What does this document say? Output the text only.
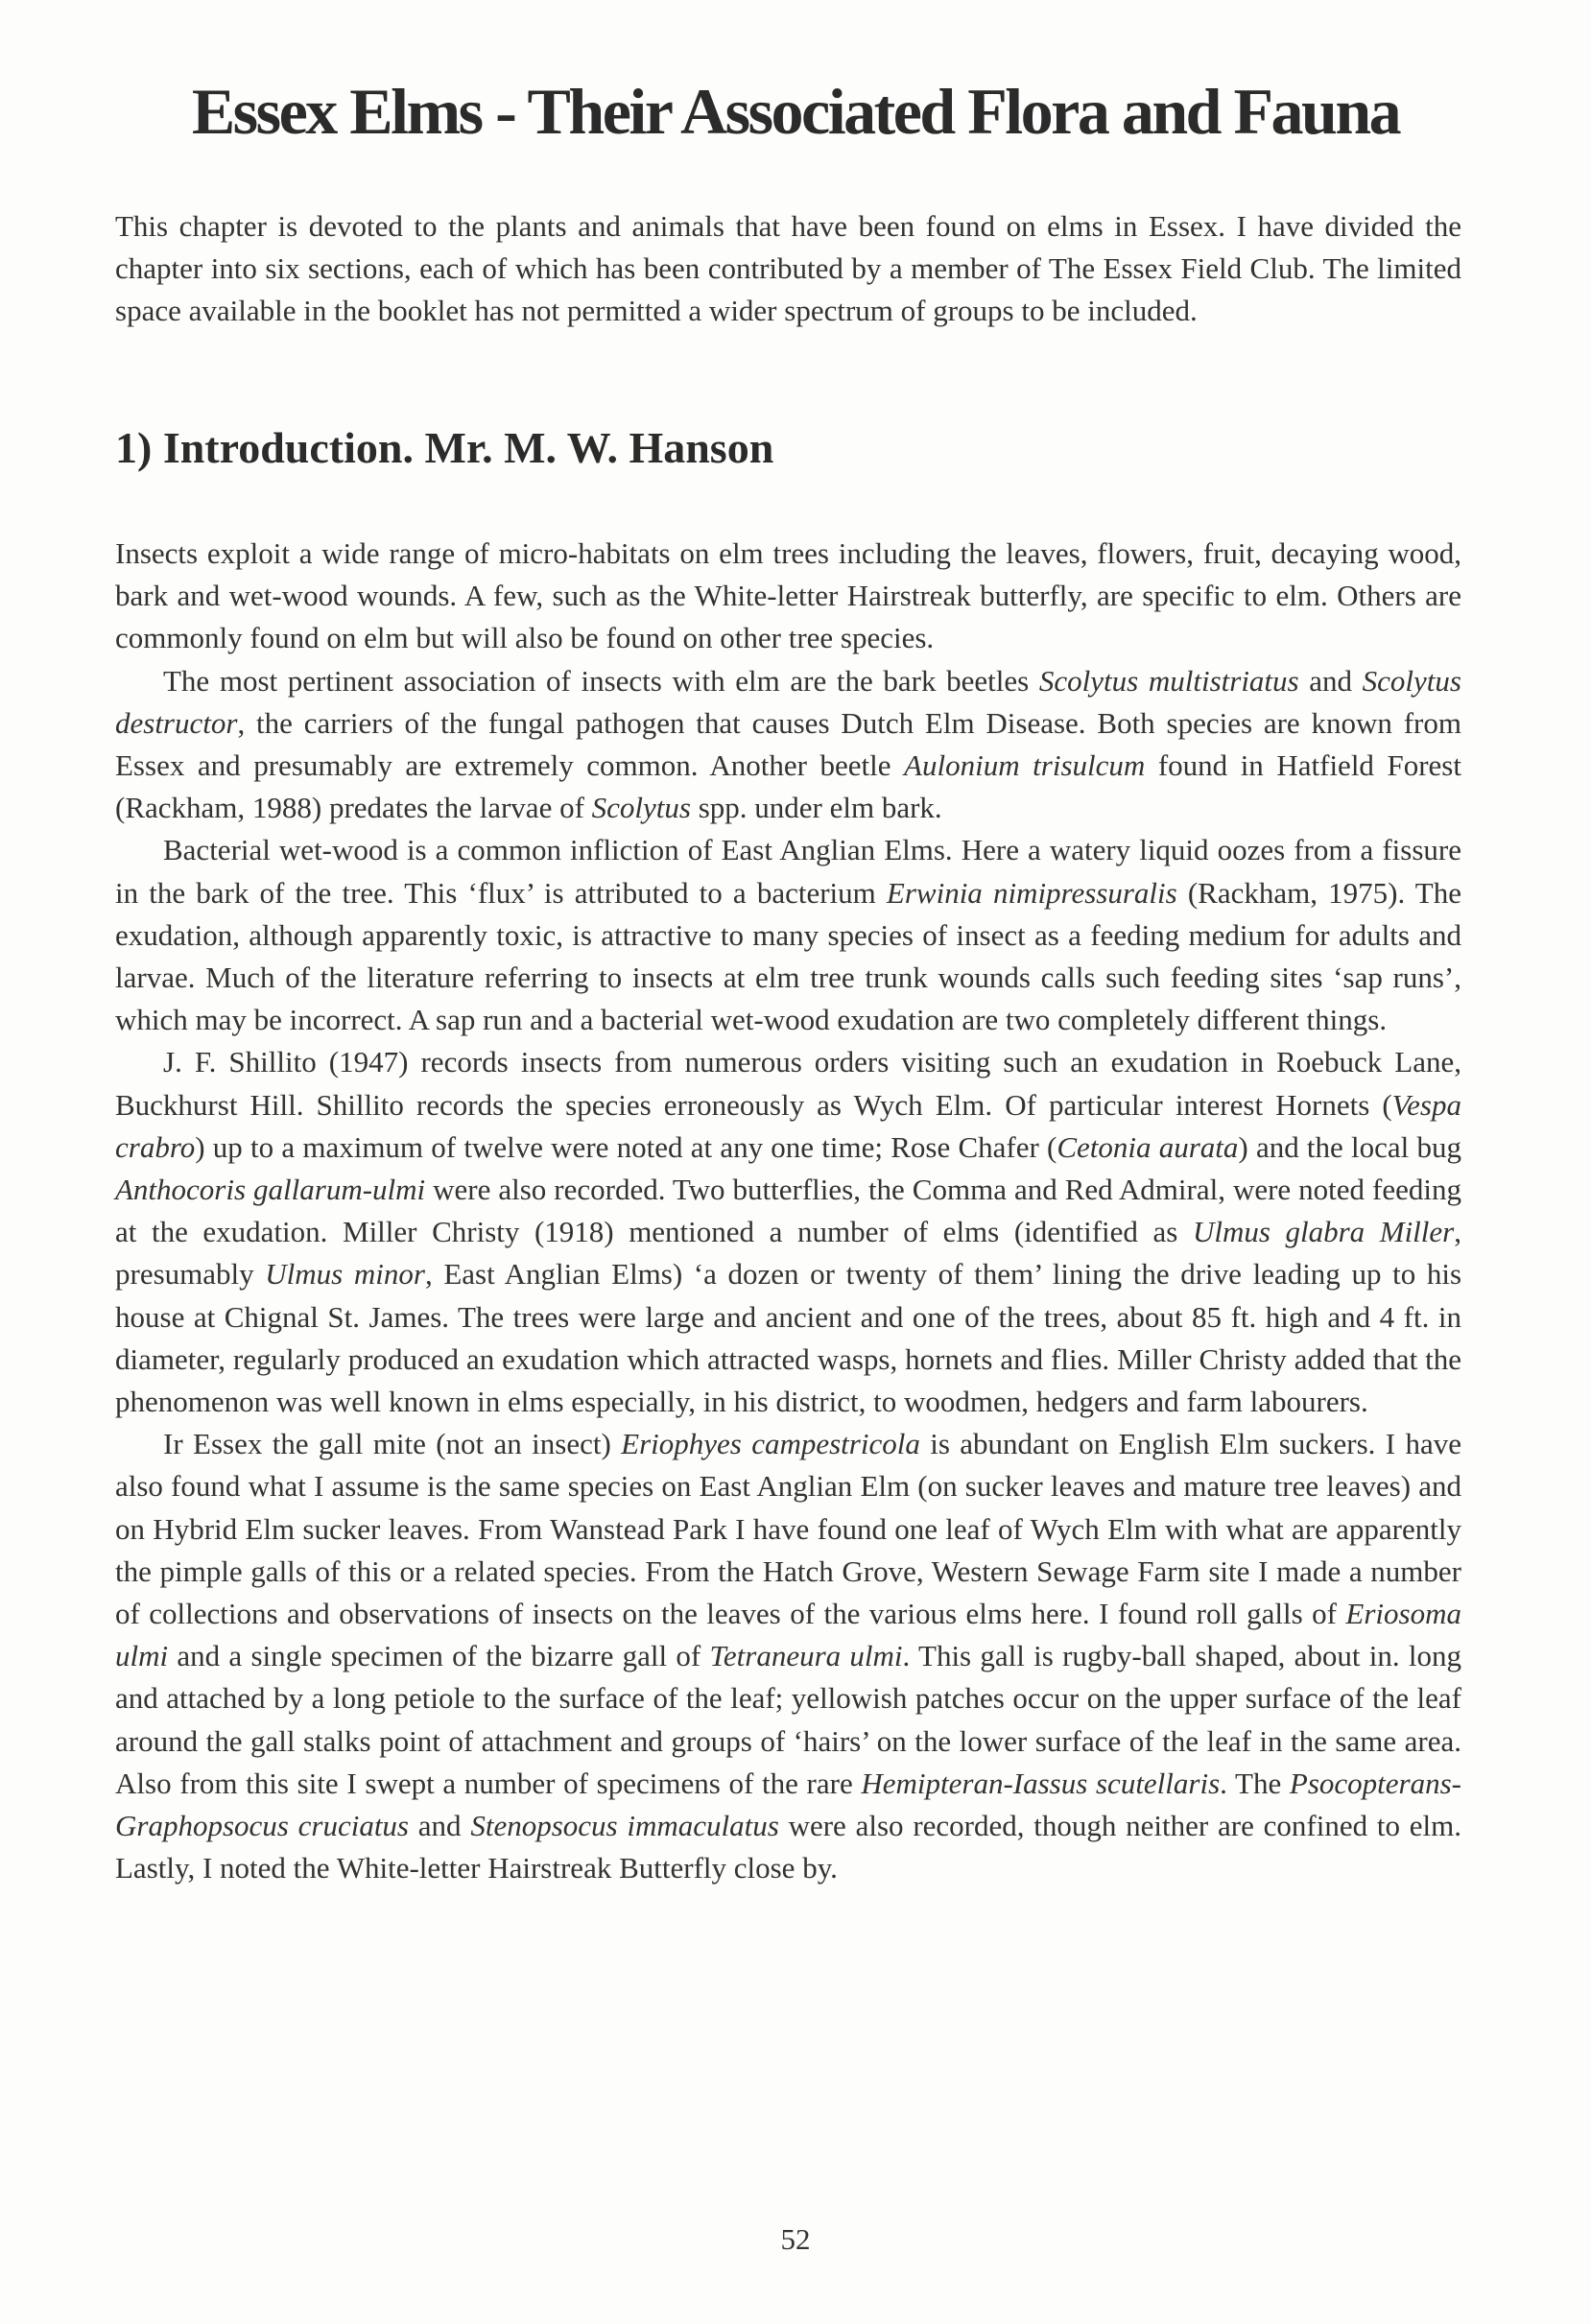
Essex Elms - Their Associated Flora and Fauna

This chapter is devoted to the plants and animals that have been found on elms in Essex. I have divided the chapter into six sections, each of which has been contributed by a member of The Essex Field Club. The limited space available in the booklet has not permitted a wider spectrum of groups to be included.

1) Introduction. Mr. M. W. Hanson

Insects exploit a wide range of micro-habitats on elm trees including the leaves, flowers, fruit, decaying wood, bark and wet-wood wounds. A few, such as the White-letter Hairstreak butterfly, are specific to elm. Others are commonly found on elm but will also be found on other tree species.

The most pertinent association of insects with elm are the bark beetles Scolytus multistriatus and Scolytus destructor, the carriers of the fungal pathogen that causes Dutch Elm Disease. Both species are known from Essex and presumably are extremely common. Another beetle Aulonium trisulcum found in Hatfield Forest (Rackham, 1988) predates the larvae of Scolytus spp. under elm bark.

Bacterial wet-wood is a common infliction of East Anglian Elms. Here a watery liquid oozes from a fissure in the bark of the tree. This ‘flux’ is attributed to a bacterium Erwinia nimipressuralis (Rackham, 1975). The exudation, although apparently toxic, is attractive to many species of insect as a feeding medium for adults and larvae. Much of the literature referring to insects at elm tree trunk wounds calls such feeding sites ‘sap runs’, which may be incorrect. A sap run and a bacterial wet-wood exudation are two completely different things.

J. F. Shillito (1947) records insects from numerous orders visiting such an exudation in Roebuck Lane, Buckhurst Hill. Shillito records the species erroneously as Wych Elm. Of particular interest Hornets (Vespa crabro) up to a maximum of twelve were noted at any one time; Rose Chafer (Cetonia aurata) and the local bug Anthocoris gallarum-ulmi were also recorded. Two butterflies, the Comma and Red Admiral, were noted feeding at the exudation. Miller Christy (1918) mentioned a number of elms (identified as Ulmus glabra Miller, presumably Ulmus minor, East Anglian Elms) ‘a dozen or twenty of them’ lining the drive leading up to his house at Chignal St. James. The trees were large and ancient and one of the trees, about 85 ft. high and 4 ft. in diameter, regularly produced an exudation which attracted wasps, hornets and flies. Miller Christy added that the phenomenon was well known in elms especially, in his district, to woodmen, hedgers and farm labourers.

Ir Essex the gall mite (not an insect) Eriophyes campestricola is abundant on English Elm suckers. I have also found what I assume is the same species on East Anglian Elm (on sucker leaves and mature tree leaves) and on Hybrid Elm sucker leaves. From Wanstead Park I have found one leaf of Wych Elm with what are apparently the pimple galls of this or a related species. From the Hatch Grove, Western Sewage Farm site I made a number of collections and observations of insects on the leaves of the various elms here. I found roll galls of Eriosoma ulmi and a single specimen of the bizarre gall of Tetraneura ulmi. This gall is rugby-ball shaped, about in. long and attached by a long petiole to the surface of the leaf; yellowish patches occur on the upper surface of the leaf around the gall stalks point of attachment and groups of ‘hairs’ on the lower surface of the leaf in the same area. Also from this site I swept a number of specimens of the rare Hemipteran-Iassus scutellaris. The Psocopterans-Graphopsocus cruciatus and Stenopsocus immaculatus were also recorded, though neither are confined to elm. Lastly, I noted the White-letter Hairstreak Butterfly close by.

52
